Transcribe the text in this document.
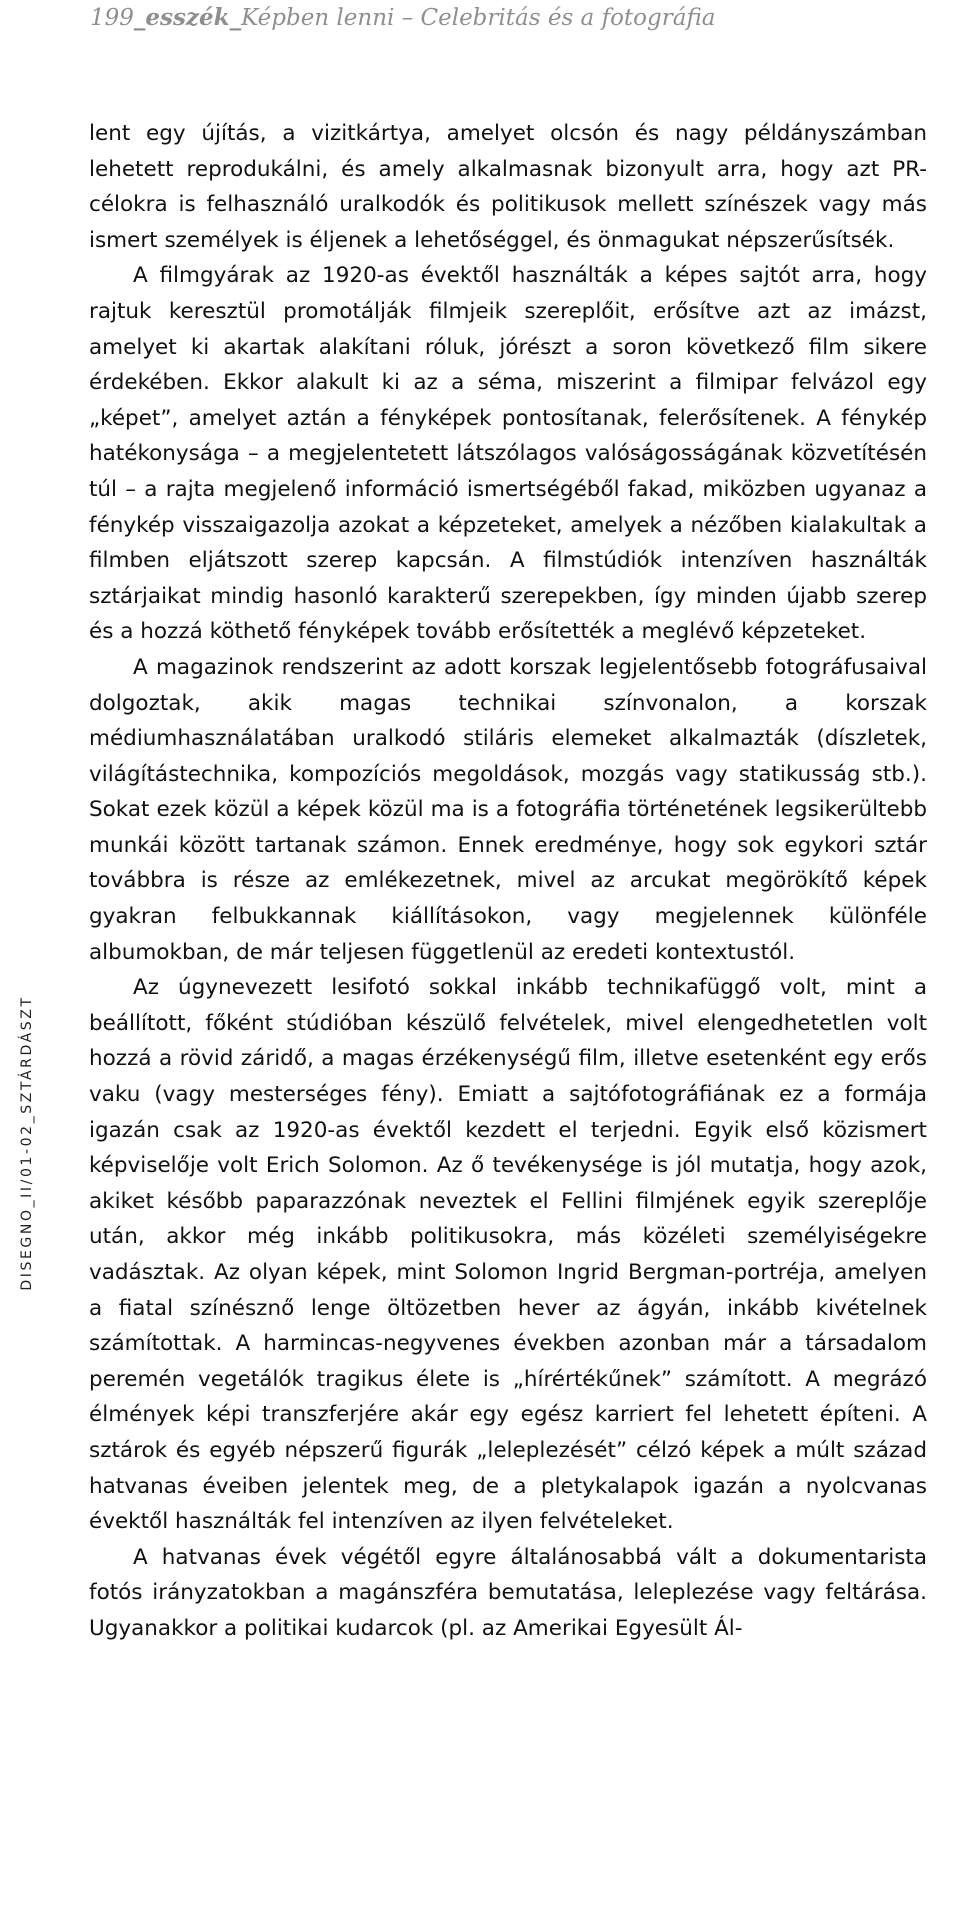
199_esszék_Képben lenni – Celebritás és a fotográfia
DISEGNO_II/01-02_SZTÁRDÁSZT

lent egy újítás, a vizitkártya, amelyet olcsón és nagy példányszámban lehetett reprodukálni, és amely alkalmasnak bizonyult arra, hogy azt PR-célokra is felhasználó uralkodók és politikusok mellett színészek vagy más ismert személyek is éljenek a lehetőséggel, és önmagukat népszerűsítsék.

A filmgyárak az 1920-as évektől használták a képes sajtót arra, hogy rajtuk keresztül promotálják filmjeik szereplőit, erősítve azt az imázst, amelyet ki akartak alakítani róluk, jórészt a soron következő film sikere érdekében. Ekkor alakult ki az a séma, miszerint a filmipar felvázol egy „képet”, amelyet aztán a fényképek pontosítanak, felerősítenek. A fénykép hatékonysága – a megjelentetett látszólagos valóságosságának közvetítésén túl – a rajta megjelenő információ ismertségéből fakad, miközben ugyanaz a fénykép visszaigazolja azokat a képzeteket, amelyek a nézőben kialakultak a filmben eljátszott szerep kapcsán. A filmstúdiók intenzíven használták sztárjaikat mindig hasonló karakterű szerepekben, így minden újabb szerep és a hozzá köthető fényképek tovább erősítették a meglévő képzeteket.

A magazinok rendszerint az adott korszak legjelentősebb fotográfusaival dolgoztak, akik magas technikai színvonalon, a korszak médiumhasználatában uralkodó stiláris elemeket alkalmazták (díszletek, világítástechnika, kompozíciós megoldások, mozgás vagy statikusság stb.). Sokat ezek közül a képek közül ma is a fotográfia történetének legsikerültebb munkái között tartanak számon. Ennek eredménye, hogy sok egykori sztár továbbra is része az emlékezetnek, mivel az arcukat megörökítő képek gyakran felbukkannak kiállításokon, vagy megjelennek különféle albumokban, de már teljesen függetlenül az eredeti kontextustól.

Az úgynevezett lesifotó sokkal inkább technikafüggő volt, mint a beállított, főként stúdióban készülő felvételek, mivel elengedhetetlen volt hozzá a rövid záridő, a magas érzékenységű film, illetve esetenként egy erős vaku (vagy mesterséges fény). Emiatt a sajtófotográfiának ez a formája igazán csak az 1920-as évektől kezdett el terjedni. Egyik első közismert képviselője volt Erich Solomon. Az ő tevékenysége is jól mutatja, hogy azok, akiket később paparazzónak neveztek el Fellini filmjének egyik szereplője után, akkor még inkább politikusokra, más közéleti személyiségekre vadásztak. Az olyan képek, mint Solomon Ingrid Bergman-portréja, amelyen a fiatal színésznő lenge öltözetben hever az ágyán, inkább kivételnek számítottak. A harmincas-negyvenes években azonban már a társadalom peremén vegetálók tragikus élete is „hírértékűnek” számított. A megrázó élmények képi transzferjére akár egy egész karriert fel lehetett építeni. A sztárok és egyéb népszerű figurák „leleplezését” célzó képek a múlt század hatvanas éveiben jelentek meg, de a pletykalapok igazán a nyolcvanas évektől használták fel intenzíven az ilyen felvételeket.

A hatvanas évek végétől egyre általánosabbá vált a dokumentarista fotós irányzatokban a magánszféra bemutatása, leleplezése vagy feltárása. Ugyanakkor a politikai kudarcok (pl. az Amerikai Egyesült Ál-
